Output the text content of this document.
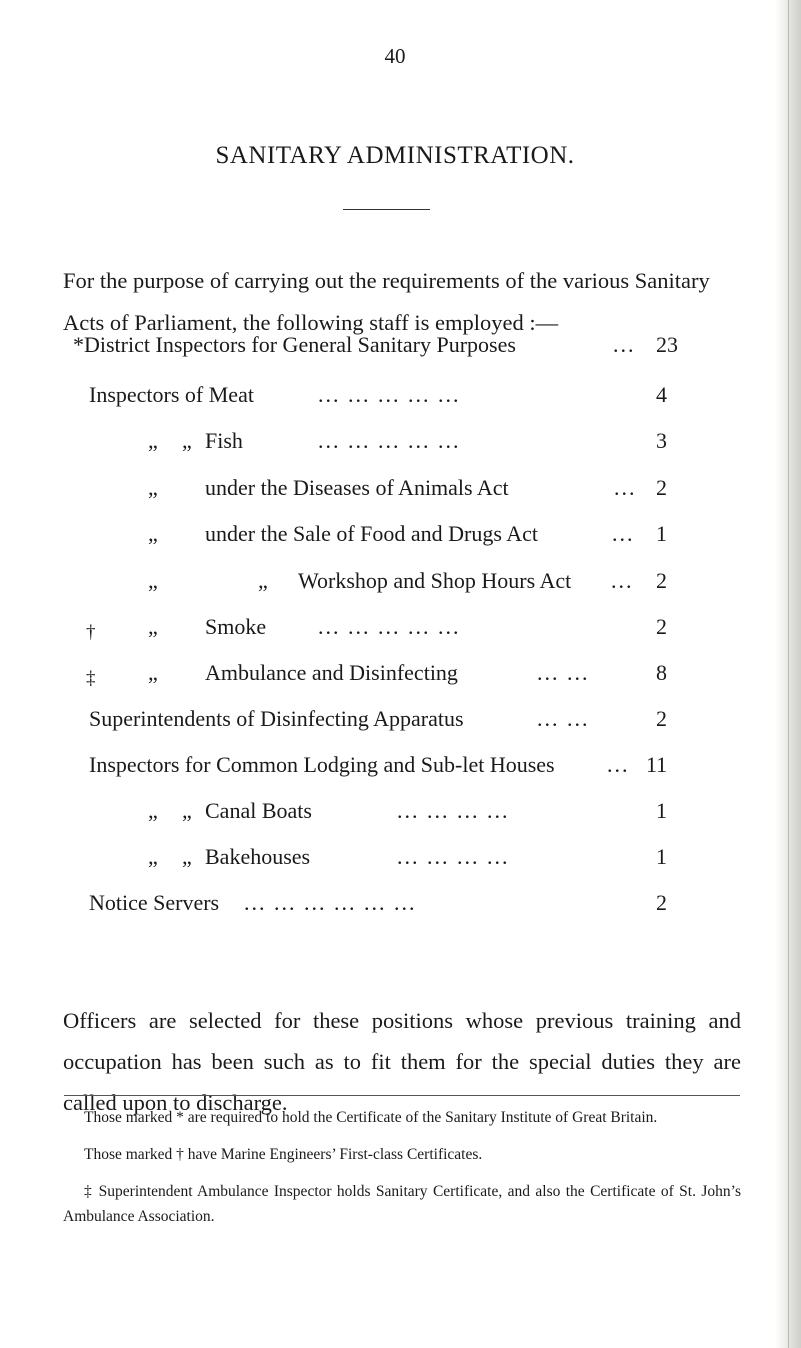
40
SANITARY ADMINISTRATION.
For the purpose of carrying out the requirements of the various Sanitary Acts of Parliament, the following staff is employed :—
*District Inspectors for General Sanitary Purposes	... 23
Inspectors of Meat	... ... ... ... ...	4
„ „ Fish	... ... ... ... ...	3
„ under the Diseases of Animals Act	... 2
„ under the Sale of Food and Drugs Act	... 1
„	„ Workshop and Shop Hours Act ... 2
† „ Smoke ... ... ... ... ...	2
‡ „ Ambulance and Disinfecting	... ...	8
Superintendents of Disinfecting Apparatus	... ...	2
Inspectors for Common Lodging and Sub-let Houses ... 11
„ „ Canal Boats	... ... ... ...	1
„ „ Bakehouses	... ... ... ...	1
Notice Servers ... ... ... ... ... ...	2
Officers are selected for these positions whose previous training and occupation has been such as to fit them for the special duties they are called upon to discharge.

Those marked * are required to hold the Certificate of the Sanitary Institute of Great Britain.

Those marked † have Marine Engineers’ First-class Certificates.

‡ Superintendent Ambulance Inspector holds Sanitary Certificate, and also the Certificate of St. John’s Ambulance Association.
